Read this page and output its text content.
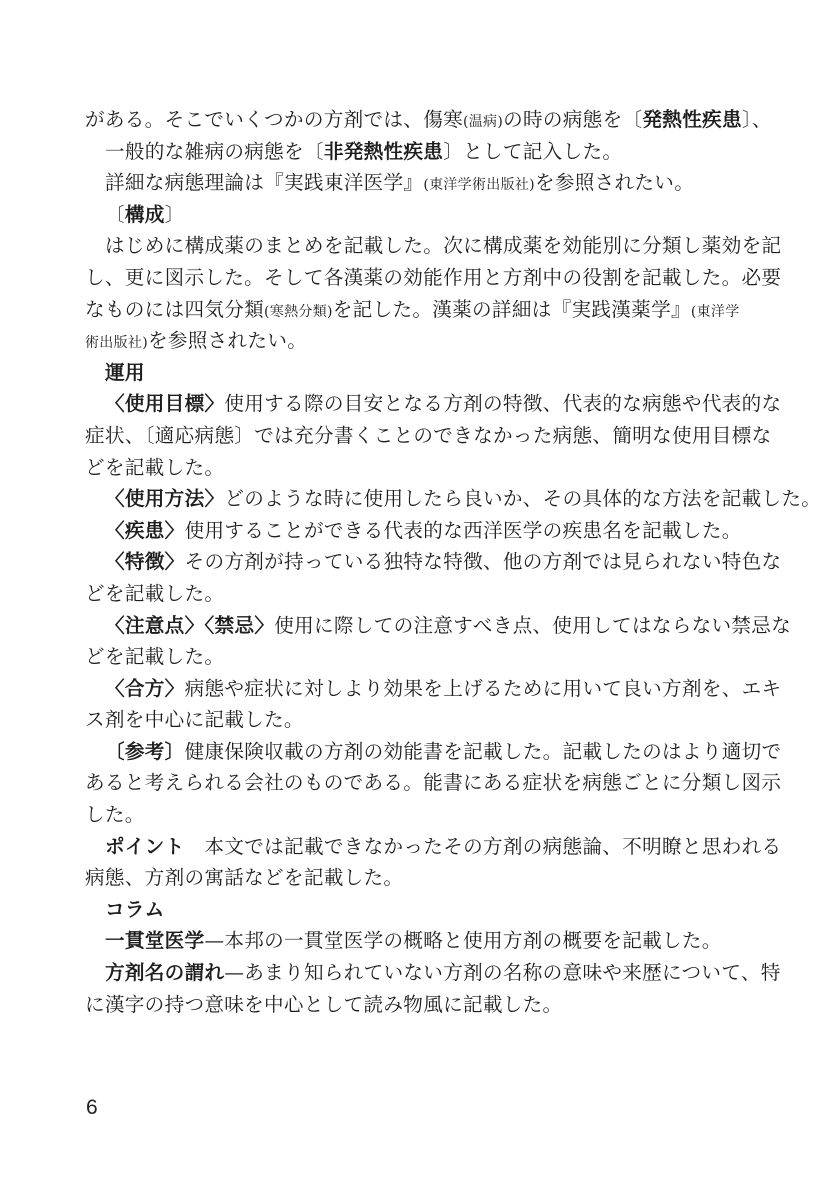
がある。そこでいくつかの方剤では、傷寒(温病)の時の病態を〔発熱性疾患〕、
一般的な雑病の病態を〔非発熱性疾患〕として記入した。
詳細な病態理論は『実践東洋医学』(東洋学術出版社)を参照されたい。
〔構成〕
はじめに構成薬のまとめを記載した。次に構成薬を効能別に分類し薬効を記
し、更に図示した。そして各漢薬の効能作用と方剤中の役割を記載した。必要
なものには四気分類(寒熱分類)を記した。漢薬の詳細は『実践漢薬学』(東洋学
術出版社)を参照されたい。
運用
〈使用目標〉使用する際の目安となる方剤の特徴、代表的な病態や代表的な
症状、〔適応病態〕では充分書くことのできなかった病態、簡明な使用目標な
どを記載した。
〈使用方法〉どのような時に使用したら良いか、その具体的な方法を記載した。
〈疾患〉使用することができる代表的な西洋医学の疾患名を記載した。
〈特徴〉その方剤が持っている独特な特徴、他の方剤では見られない特色な
どを記載した。
〈注意点〉〈禁忌〉使用に際しての注意すべき点、使用してはならない禁忌な
どを記載した。
〈合方〉病態や症状に対しより効果を上げるために用いて良い方剤を、エキ
ス剤を中心に記載した。
〔参考〕健康保険収載の方剤の効能書を記載した。記載したのはより適切で
あると考えられる会社のものである。能書にある症状を病態ごとに分類し図示
した。
ポイント　本文では記載できなかったその方剤の病態論、不明瞭と思われる
病態、方剤の寓話などを記載した。
コラム
一貫堂医学—本邦の一貫堂医学の概略と使用方剤の概要を記載した。
方剤名の謂れ—あまり知られていない方剤の名称の意味や来歴について、特
に漢字の持つ意味を中心として読み物風に記載した。
6
